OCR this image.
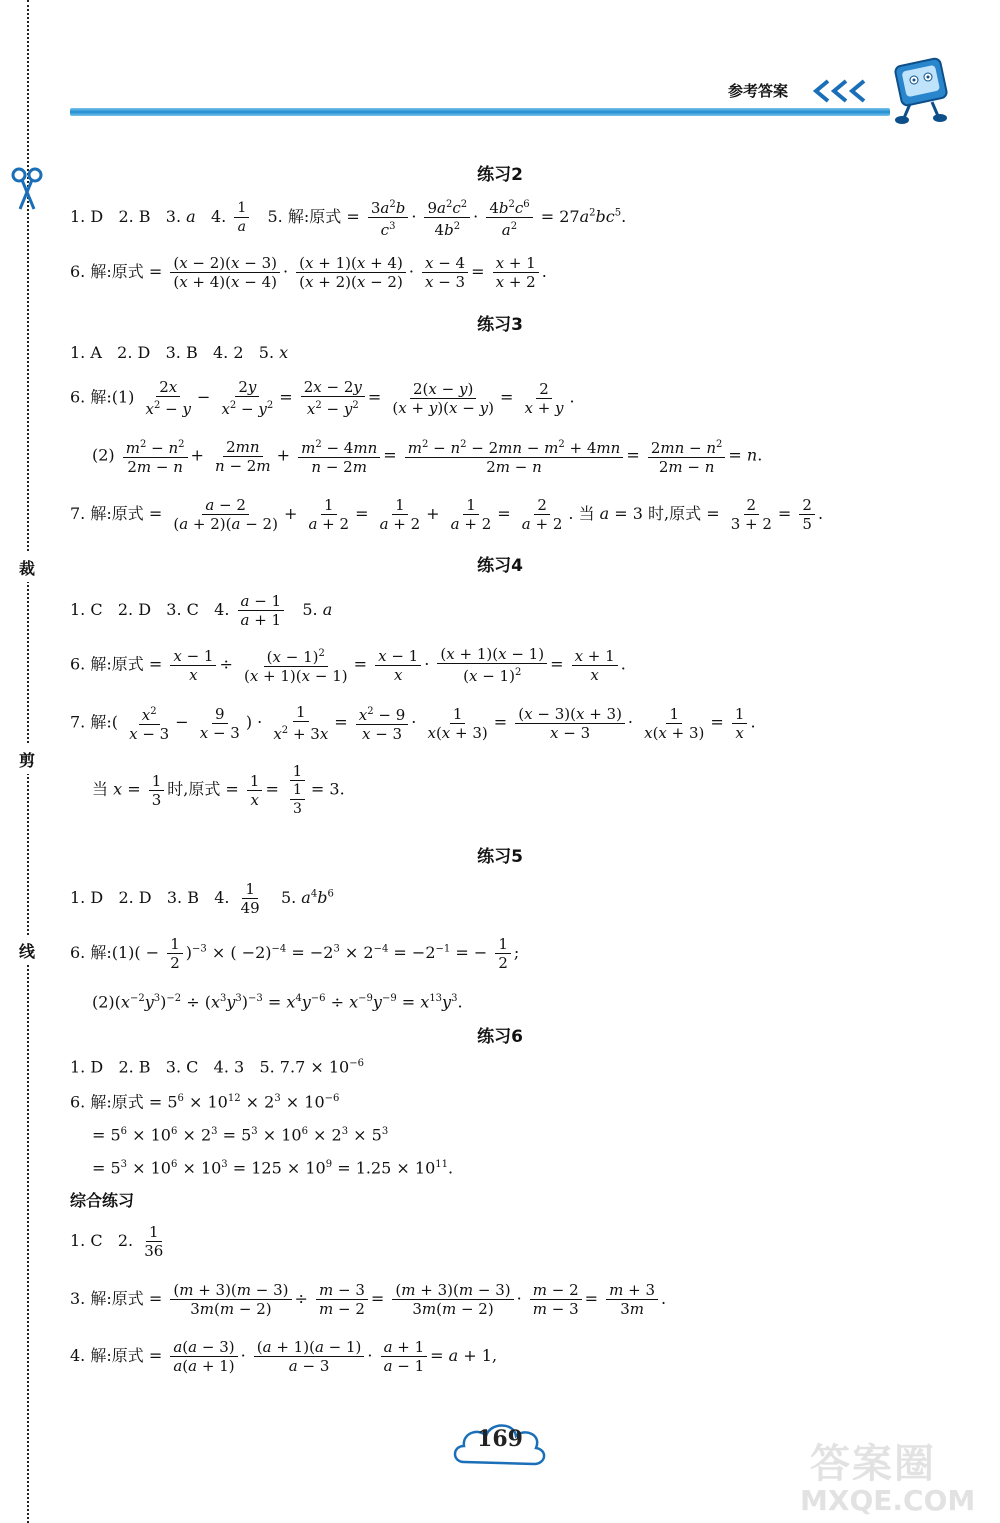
裁
剪
线
参考答案
练习2
1. D   2. B   3. a   4. $\frac{1}{a} 5$. 解:原式 = $\frac{3a^2b}{c^3} \cdot \frac{9a^2c^2}{4b^2} \cdot \frac{4b^2c^6}{a^2} = 27a^2bc^5$.
6. 解:原式 = $\frac{(x - 2)(x - 3)}{(x + 4)(x - 4)} \cdot \frac{(x + 1)(x + 4)}{(x + 2)(x - 2)} \cdot \frac{x - 4}{x - 3} = \frac{x + 1}{x + 2}$ .
练习3
1. A   2. D   3. B   4. 2   5. x
6. 解:(1) $\frac{2x}{x^2 - y} - \frac{2y}{x^2 - y^2} = \frac{2x - 2y}{x^2 - y^2} = \frac{2(x - y)}{(x + y)(x - y)} = \frac{2}{x + y}$ .
$(2) \frac{m^2 - n^2}{2m - n} + \frac{2mn}{n - 2m} + \frac{m^2 - 4mn}{n - 2m} = \frac{m^2 - n^2 - 2mn - m^2 + 4mn}{2m - n} = \frac{2mn - n^2}{2m - n} = n$.
7. 解:原式 = $\frac{a - 2}{(a + 2)(a - 2)} + \frac{1}{a + 2} = \frac{1}{a + 2} + \frac{1}{a + 2} = \frac{2}{a + 2}$ . 当 a = 3 时,原式 = $\frac{2}{3 + 2} = \frac{2}{5}$ .
练习4
1. C   2. D   3. C   4. $\frac{a - 1}{a + 1} 5$. a
6. 解:原式 = $\frac{x - 1}{x} \div \frac{(x - 1)^2}{(x + 1)(x - 1)} = \frac{x - 1}{x} \cdot \frac{(x + 1)(x - 1)}{(x - 1)^2} = \frac{x + 1}{x}$ .
7. 解:( $\frac{x^2}{x - 3} - \frac{9}{x - 3}$ ) · $\frac{1}{x^2 + 3x} = \frac{x^2 - 9}{x - 3} \cdot \frac{1}{x(x + 3)} = \frac{(x - 3)(x + 3)}{x - 3} \cdot \frac{1}{x(x + 3)} = \frac{1}{x}$ .
当 $x = \frac{1}{3}$ 时,原式 = $\frac{1}{x} = \frac{1}{\frac{1}{3}} = 3$.
练习5
1. D   2. D   3. B   4. $\frac{1}{49} 5$. $a^4b^6$
6. 解:(1)( − $\frac{1}{2} )^{-3}$ × ( $-2)^{-4} = -2^3 \times 2^{-4} = -2^{-1}$ = − $\frac{1}{2}$ ;
$(2)(x^{-2}y^3)^{-2} \div (x^3y^3)^{-3} = x^4y^{-6} \div x^{-9}y^{-9} = x^{13}y^3$.
练习6
1. D   2. B   3. C   4. 3   5. $7.7 \times 10^{-6}$
6. 解:原式 = $5^6 \times 10^{12} \times 2^3 \times 10^{-6}$
= $5^6 \times 10^6 \times 2^3 = 5^3 \times 10^6 \times 2^3 \times 5^3$
= $5^3 \times 10^6 \times 10^3 = 125 \times 10^9 = 1.25 \times 10^{11}$.
综合练习
1. C   2. $\frac{1}{36}$
3. 解:原式 = $\frac{(m + 3)(m - 3)}{3m(m - 2)} \div \frac{m - 3}{m - 2} = \frac{(m + 3)(m - 3)}{3m(m - 2)} \cdot \frac{m - 2}{m - 3} = \frac{m + 3}{3m}$ .
4. 解:原式 = $\frac{a(a - 3)}{a(a + 1)} \cdot \frac{(a + 1)(a - 1)}{a - 3} \cdot \frac{a + 1}{a - 1} = a + 1$,
169
答案圈
MXQE.COM
